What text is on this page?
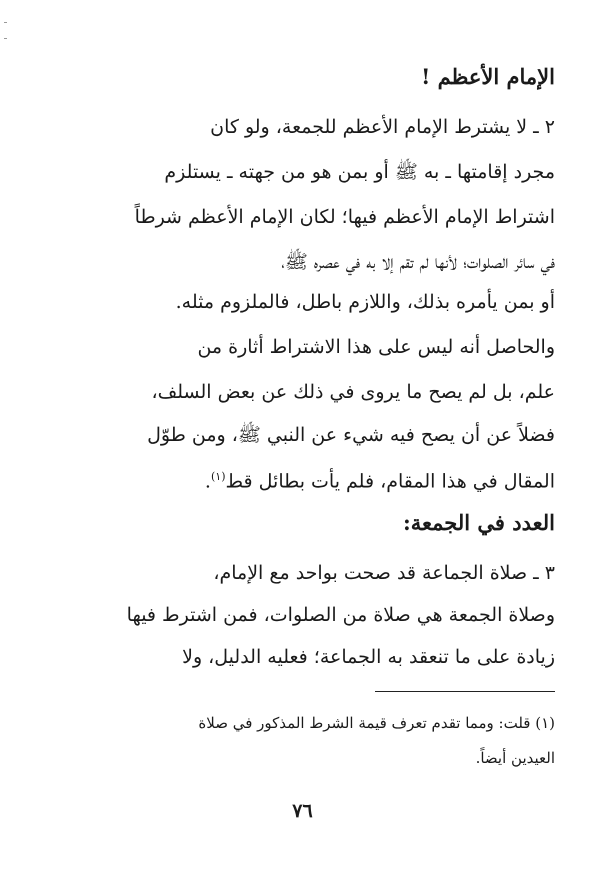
الإمام الأعظم !
٢ ـ لا يشترط الإمام الأعظم للجمعة، ولو كان
مجرد إقامتها ـ به ﷺ أو بمن هو من جهته ـ يستلزم
اشتراط الإمام الأعظم فيها؛ لكان الإمام الأعظم شرطاً
في سائر الصلوات؛ لأنها لم تقم إلا به في عصره ﷺ،
أو بمن يأمره بذلك، واللازم باطل، فالملزوم مثله.
والحاصل أنه ليس على هذا الاشتراط أثارة من
علم، بل لم يصح ما يروى في ذلك عن بعض السلف،
فضلاً عن أن يصح فيه شيء عن النبي ﷺ، ومن طوّل
المقال في هذا المقام، فلم يأت بطائل قط$^{(١)}$.
العدد في الجمعة:
٣ ـ صلاة الجماعة قد صحت بواحد مع الإمام،
وصلاة الجمعة هي صلاة من الصلوات، فمن اشترط فيها
زيادة على ما تنعقد به الجماعة؛ فعليه الدليل، ولا
(١) قلت: ومما تقدم تعرف قيمة الشرط المذكور في صلاة
العيدين أيضاً.
٧٦
